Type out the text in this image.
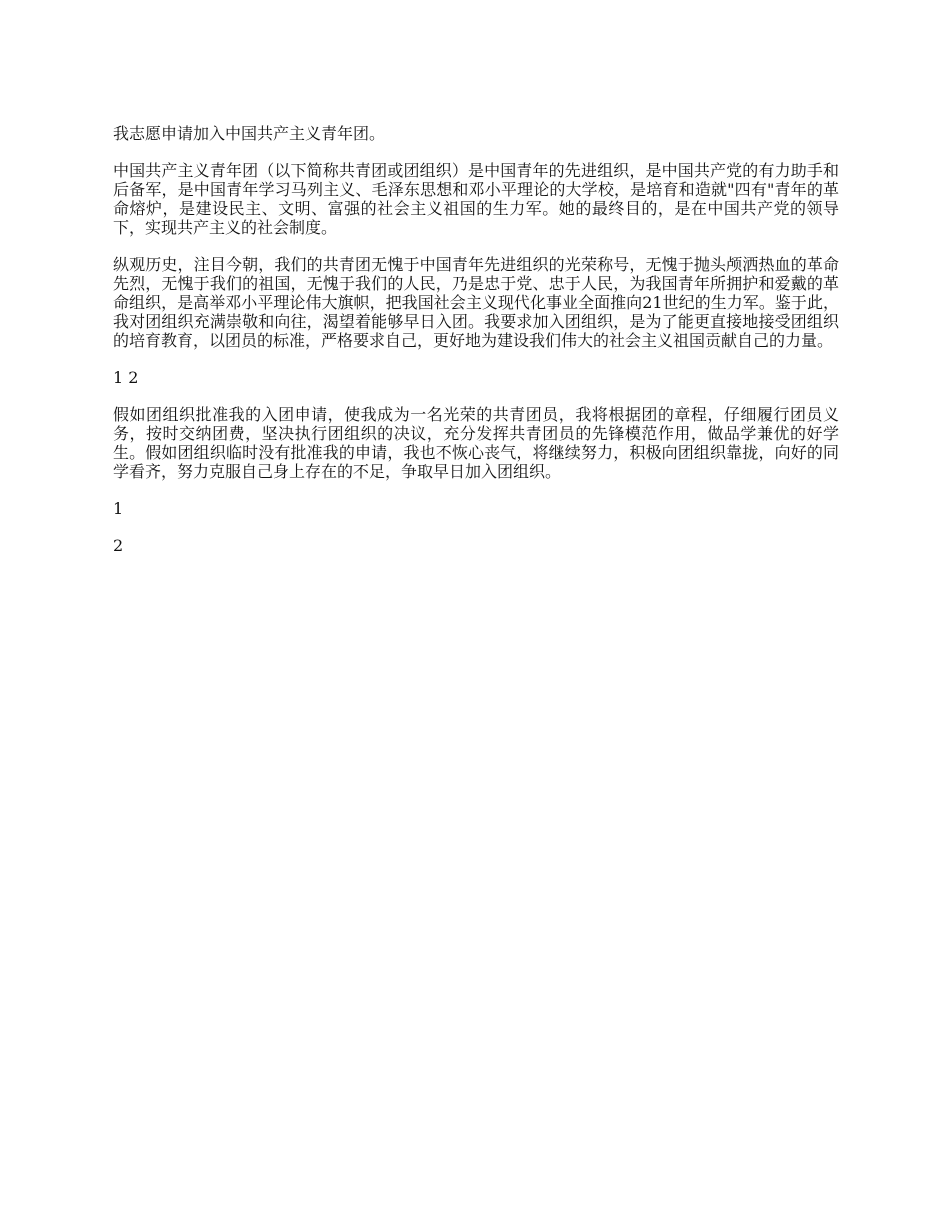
我志愿申请加入中国共产主义青年团。

中国共产主义青年团（以下简称共青团或团组织）是中国青年的先进组织，是中国共产党的有力助手和后备军，是中国青年学习马列主义、毛泽东思想和邓小平理论的大学校，是培育和造就"四有"青年的革命熔炉，是建设民主、文明、富强的社会主义祖国的生力军。她的最终目的，是在中国共产党的领导下，实现共产主义的社会制度。

纵观历史，注目今朝，我们的共青团无愧于中国青年先进组织的光荣称号，无愧于抛头颅洒热血的革命先烈，无愧于我们的祖国，无愧于我们的人民，乃是忠于党、忠于人民，为我国青年所拥护和爱戴的革命组织，是高举邓小平理论伟大旗帜，把我国社会主义现代化事业全面推向21世纪的生力军。鉴于此，我对团组织充满崇敬和向往，渴望着能够早日入团。我要求加入团组织，是为了能更直接地接受团组织的培育教育，以团员的标准，严格要求自己，更好地为建设我们伟大的社会主义祖国贡献自己的力量。

1 2

假如团组织批准我的入团申请，使我成为一名光荣的共青团员，我将根据团的章程，仔细履行团员义务，按时交纳团费，坚决执行团组织的决议，充分发挥共青团员的先锋模范作用，做品学兼优的好学生。假如团组织临时没有批准我的申请，我也不恢心丧气，将继续努力，积极向团组织靠拢，向好的同学看齐，努力克服自己身上存在的不足，争取早日加入团组织。

1

2
